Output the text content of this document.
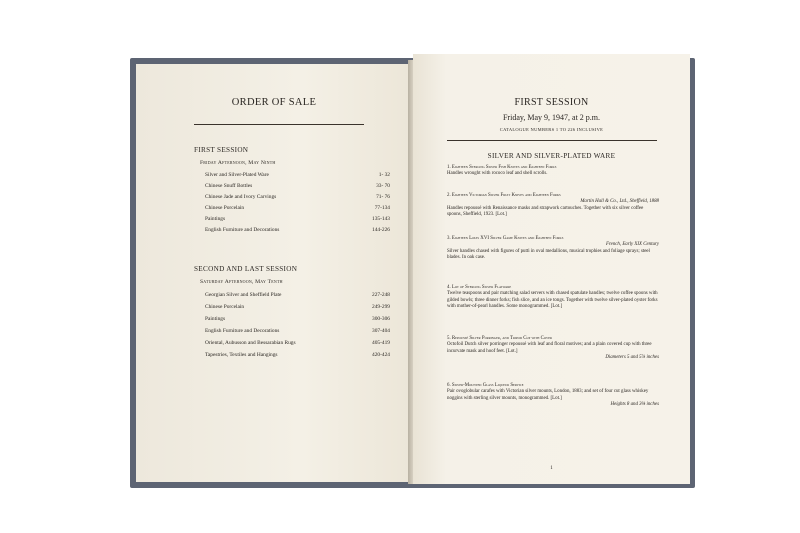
ORDER OF SALE
FIRST SESSION
Friday Afternoon, May Ninth
Silver and Silver-Plated Ware	1- 32
Chinese Snuff Bottles	33- 70
Chinese Jade and Ivory Carvings	71- 76
Chinese Porcelain	77-134
Paintings	135-143
English Furniture and Decorations	144-226
SECOND AND LAST SESSION
Saturday Afternoon, May Tenth
Georgian Silver and Sheffield Plate	227-248
Chinese Porcelain	249-299
Paintings	300-306
English Furniture and Decorations	307-404
Oriental, Aubusson and Bessarabian Rugs	405-419
Tapestries, Textiles and Hangings	420-424
FIRST SESSION
Friday, May 9, 1947, at 2 p.m.
CATALOGUE NUMBERS 1 TO 226 INCLUSIVE
SILVER AND SILVER-PLATED WARE
1. Eighteen Sterling Silver Fish Knives and Eighteen Forks
Handles wrought with rococo leaf and shell scrolls.
2. Eighteen Victorian Silver Fruit Knives and Eighteen Forks
Martin Hall & Co., Ltd., Sheffield, 1888
Handles repoussé with Renaissance masks and strapwork cartouches. Together with six silver coffee spoons, Sheffield, 1923. [Lot.]
3. Eighteen Louis XVI Silver Game Knives and Eighteen Forks
French, Early XIX Century
Silver handles chased with figures of putti in oval medallions, musical trophies and foliage sprays; steel blades. In oak case.
4. Lot of Sterling Silver Flatware
Twelve teaspoons and pair matching salad servers with chased spatulate handles; twelve coffee spoons with gilded bowls; three dinner forks; fish slice, and an ice tongs. Together with twelve silver-plated oyster forks with mother-of-pearl handles. Some monogrammed. [Lot.]
5. Repoussé Silver Porringer, and Tripod Cup with Cover
Octofoil Dutch silver porringer repoussé with leaf and floral motives; and a plain covered cup with three incurvate mask and hoof feet. [Lot.]
Diameters 5 and 5⅞ inches
6. Silver-Mounted Glass Liqueur Service
Pair ovoglobular carafes with Victorian silver mounts, London, 1883; and set of four cut glass whiskey noggins with sterling silver mounts, monogrammed. [Lot.]
Heights 8 and 3⅜ inches
1
